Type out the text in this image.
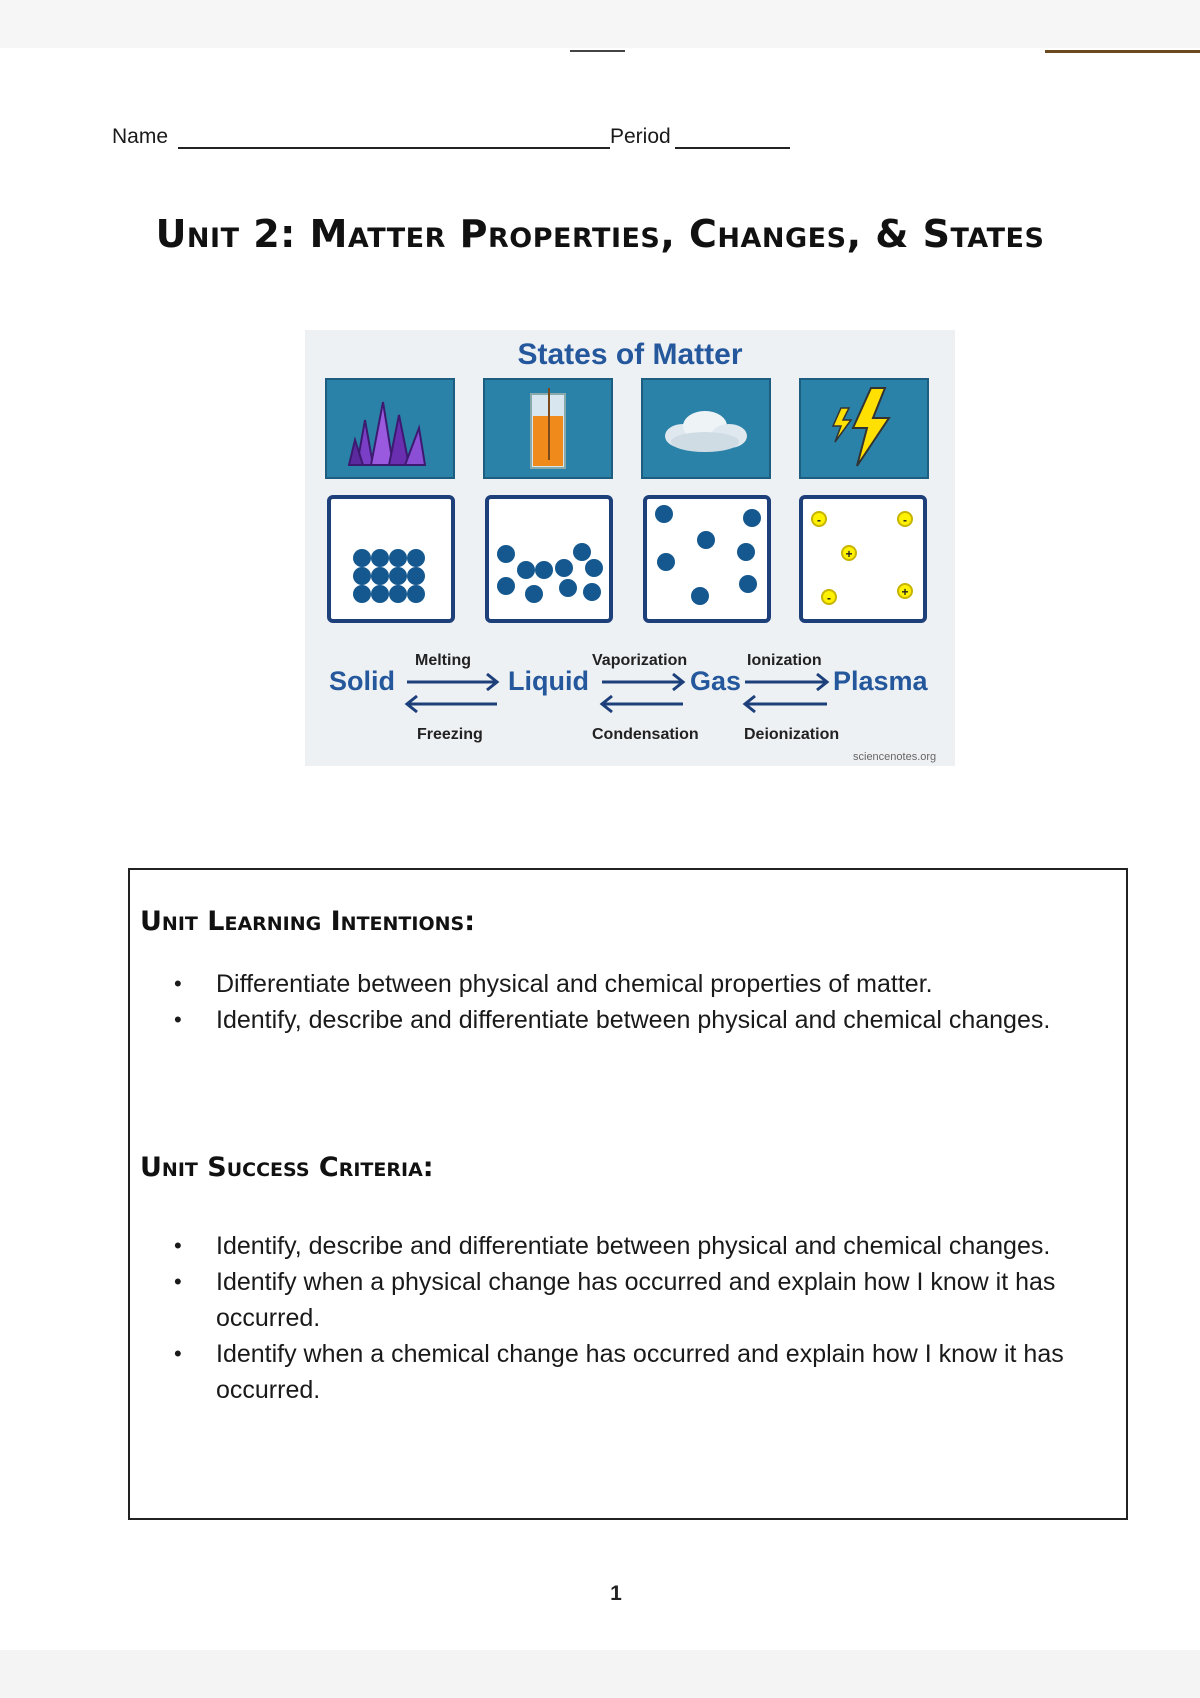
Name	Period
Unit 2: Matter Properties, Changes, & States
States of Matter
-	-
+
+
-
Solid	Liquid	Gas	Plasma
Melting	Vaporization	Ionization
Freezing	Condensation	Deionization
sciencenotes.org
Unit Learning Intentions:
• Differentiate between physical and chemical properties of matter.
• Identify, describe and differentiate between physical and chemical changes.
Unit Success Criteria:
• Identify, describe and differentiate between physical and chemical changes.
• Identify when a physical change has occurred and explain how I know it has occurred.
• Identify when a chemical change has occurred and explain how I know it has occurred.
1
